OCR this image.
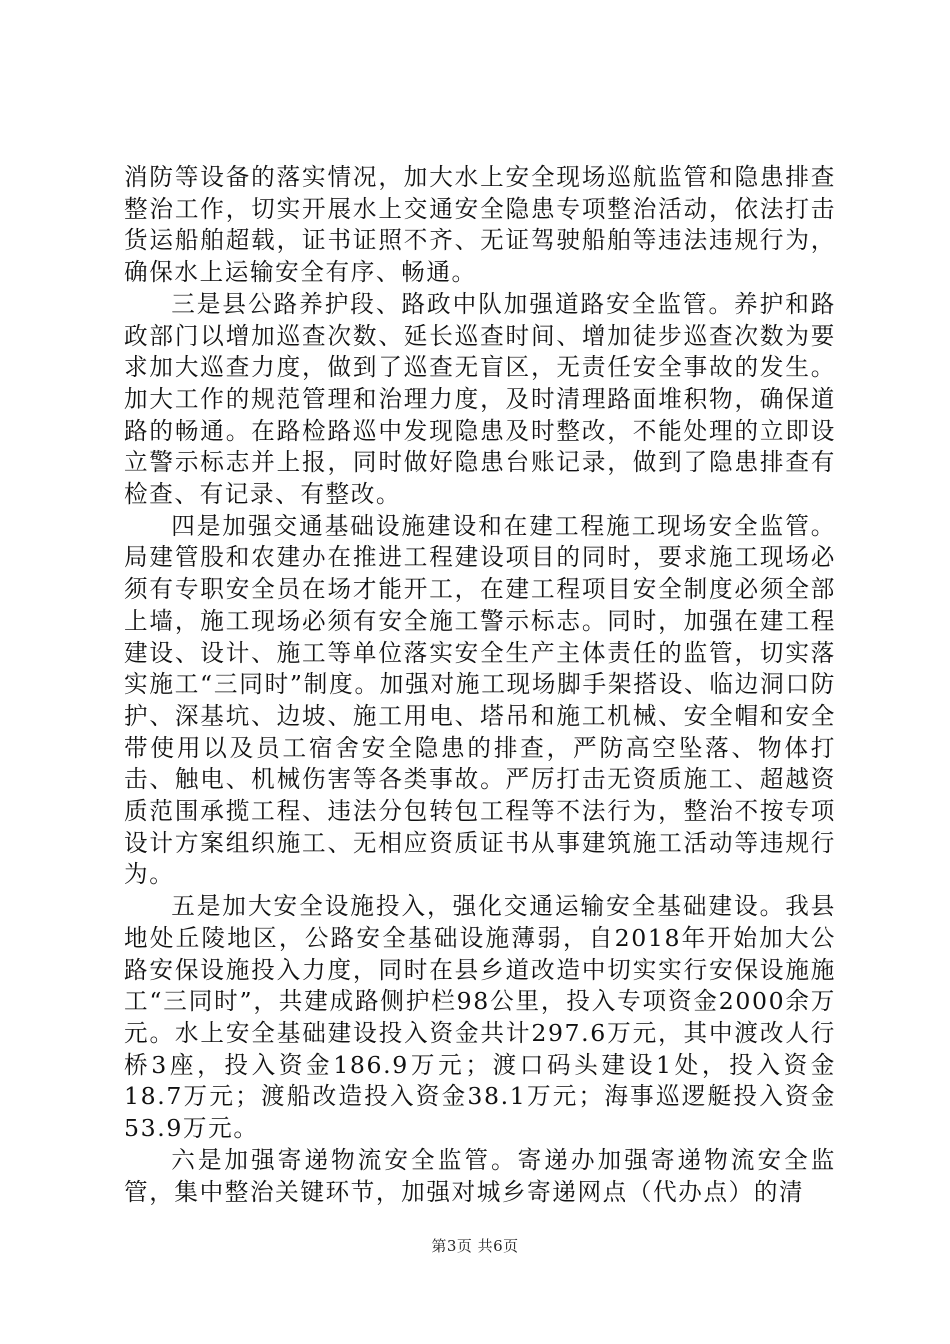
消防等设备的落实情况，加大水上安全现场巡航监管和隐患排查整治工作，切实开展水上交通安全隐患专项整治活动，依法打击货运船舶超载，证书证照不齐、无证驾驶船舶等违法违规行为，确保水上运输安全有序、畅通。

三是县公路养护段、路政中队加强道路安全监管。养护和路政部门以增加巡查次数、延长巡查时间、增加徒步巡查次数为要求加大巡查力度，做到了巡查无盲区，无责任安全事故的发生。加大工作的规范管理和治理力度，及时清理路面堆积物，确保道路的畅通。在路检路巡中发现隐患及时整改，不能处理的立即设立警示标志并上报，同时做好隐患台账记录，做到了隐患排查有检查、有记录、有整改。

四是加强交通基础设施建设和在建工程施工现场安全监管。局建管股和农建办在推进工程建设项目的同时，要求施工现场必须有专职安全员在场才能开工，在建工程项目安全制度必须全部上墙，施工现场必须有安全施工警示标志。同时，加强在建工程建设、设计、施工等单位落实安全生产主体责任的监管，切实落实施工“三同时”制度。加强对施工现场脚手架搭设、临边洞口防护、深基坑、边坡、施工用电、塔吊和施工机械、安全帽和安全带使用以及员工宿舍安全隐患的排查，严防高空坠落、物体打击、触电、机械伤害等各类事故。严厉打击无资质施工、超越资质范围承揽工程、违法分包转包工程等不法行为，整治不按专项设计方案组织施工、无相应资质证书从事建筑施工活动等违规行为。

五是加大安全设施投入，强化交通运输安全基础建设。我县地处丘陵地区，公路安全基础设施薄弱，自2018年开始加大公路安保设施投入力度，同时在县乡道改造中切实实行安保设施施工“三同时”，共建成路侧护栏98公里，投入专项资金2000余万元。水上安全基础建设投入资金共计297.6万元，其中渡改人行桥3座，投入资金186.9万元；渡口码头建设1处，投入资金18.7万元；渡船改造投入资金38.1万元；海事巡逻艇投入资金53.9万元。

六是加强寄递物流安全监管。寄递办加强寄递物流安全监管，集中整治关键环节，加强对城乡寄递网点（代办点）的清

第3页 共6页
